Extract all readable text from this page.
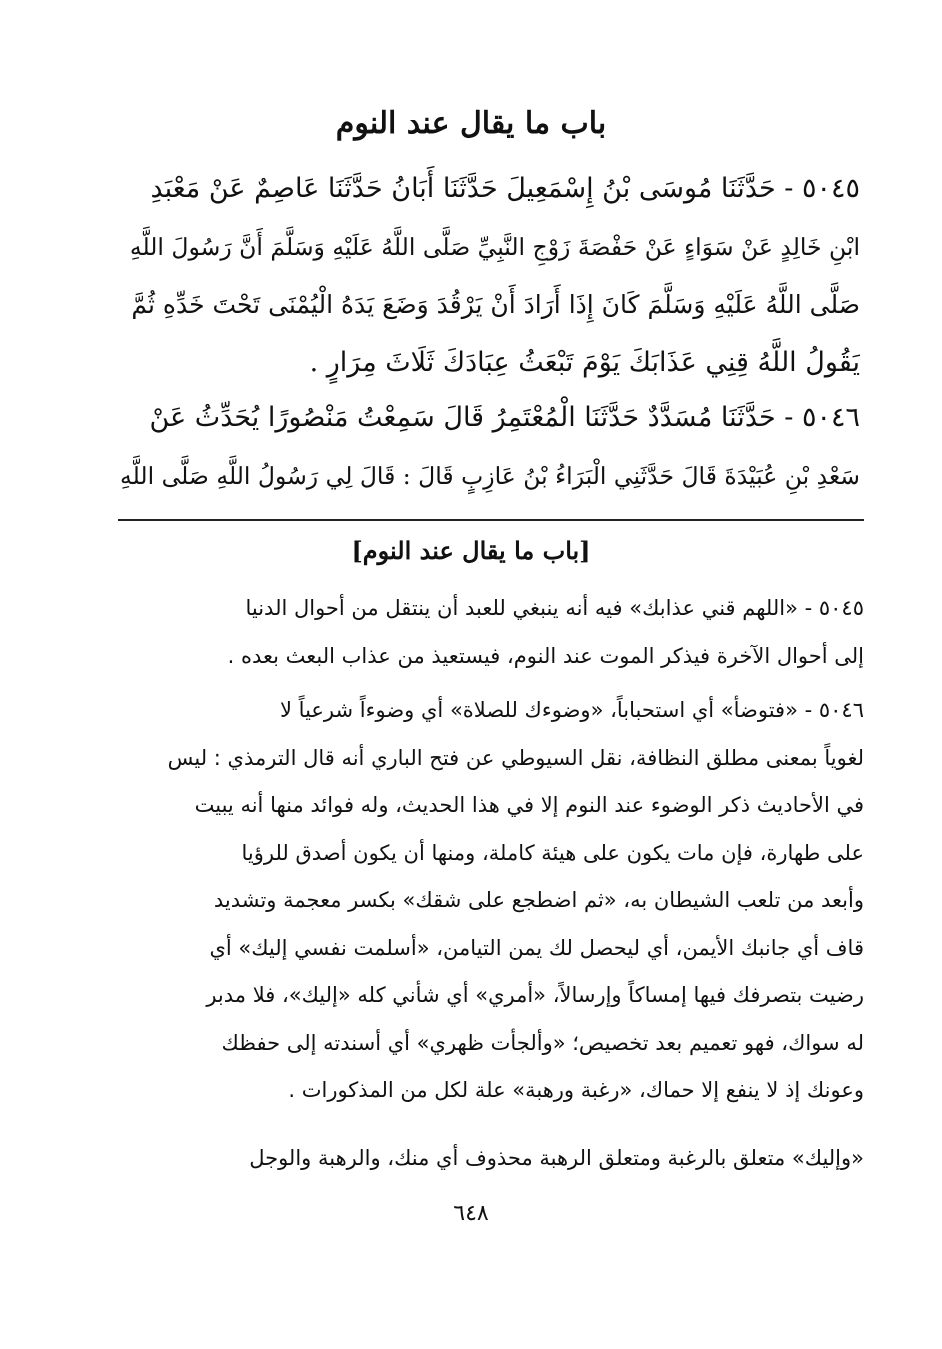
باب ما يقال عند النوم
٥٠٤٥ - حَدَّثَنَا مُوسَى بْنُ إِسْمَعِيلَ حَدَّثَنَا أَبَانُ حَدَّثَنَا عَاصِمٌ عَنْ مَعْبَدِ
ابْنِ خَالِدٍ عَنْ سَوَاءٍ عَنْ حَفْصَةَ زَوْجِ النَّبِيِّ صَلَّى اللَّهُ عَلَيْهِ وَسَلَّمَ أَنَّ رَسُولَ اللَّهِ
صَلَّى اللَّهُ عَلَيْهِ وَسَلَّمَ كَانَ إِذَا أَرَادَ أَنْ يَرْقُدَ وَضَعَ يَدَهُ الْيُمْنَى تَحْتَ خَدِّهِ ثُمَّ
يَقُولُ اللَّهُ قِنِي عَذَابَكَ يَوْمَ تَبْعَثُ عِبَادَكَ ثَلَاثَ مِرَارٍ .
٥٠٤٦ - حَدَّثَنَا مُسَدَّدٌ حَدَّثَنَا الْمُعْتَمِرُ قَالَ سَمِعْتُ مَنْصُورًا يُحَدِّثُ عَنْ
سَعْدِ بْنِ عُبَيْدَةَ قَالَ حَدَّثَنِي الْبَرَاءُ بْنُ عَازِبٍ قَالَ : قَالَ لِي رَسُولُ اللَّهِ صَلَّى اللَّهِ
[باب ما يقال عند النوم]
٥٠٤٥ - «اللهم قني عذابك» فيه أنه ينبغي للعبد أن ينتقل من أحوال الدنيا
إلى أحوال الآخرة فيذكر الموت عند النوم، فيستعيذ من عذاب البعث بعده .
٥٠٤٦ - «فتوضأ» أي استحباباً، «وضوءك للصلاة» أي وضوءاً شرعياً لا
لغوياً بمعنى مطلق النظافة، نقل السيوطي عن فتح الباري أنه قال الترمذي : ليس
في الأحاديث ذكر الوضوء عند النوم إلا في هذا الحديث، وله فوائد منها أنه يبيت
على طهارة، فإن مات يكون على هيئة كاملة، ومنها أن يكون أصدق للرؤيا
وأبعد من تلعب الشيطان به، «ثم اضطجع على شقك» بكسر معجمة وتشديد
قاف أي جانبك الأيمن، أي ليحصل لك يمن التيامن، «أسلمت نفسي إليك» أي
رضيت بتصرفك فيها إمساكاً وإرسالاً، «أمري» أي شأني كله «إليك»، فلا مدبر
له سواك، فهو تعميم بعد تخصيص؛ «وألجأت ظهري» أي أسندته إلى حفظك
وعونك إذ لا ينفع إلا حماك، «رغبة ورهبة» علة لكل من المذكورات .
«وإليك» متعلق بالرغبة ومتعلق الرهبة محذوف أي منك، والرهبة والوجل
٦٤٨
